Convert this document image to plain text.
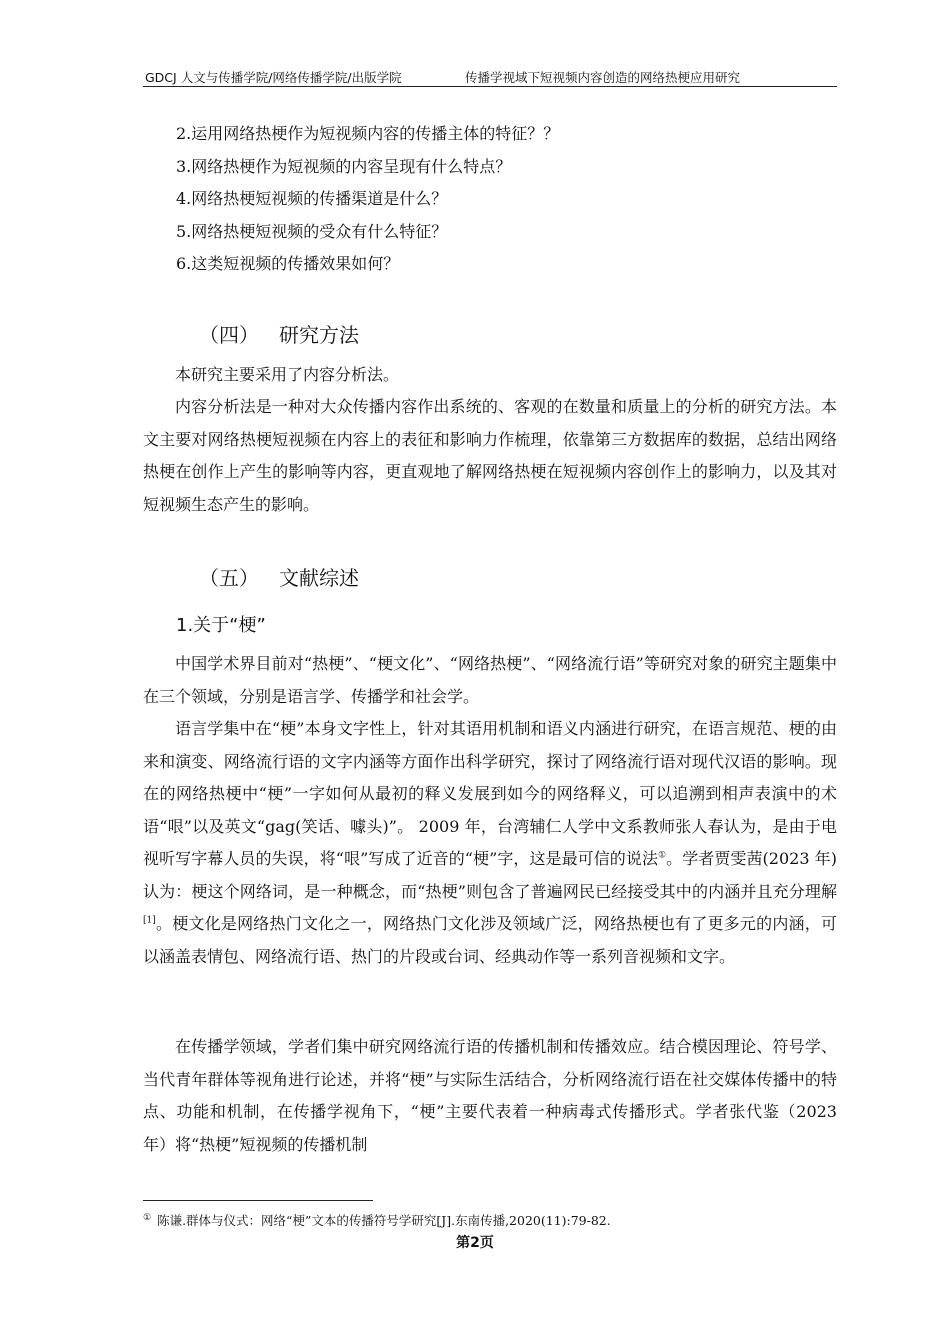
GDCJ 人文与传播学院/网络传播学院/出版学院	传播学视域下短视频内容创造的网络热梗应用研究
2.运用网络热梗作为短视频内容的传播主体的特征？？
3.网络热梗作为短视频的内容呈现有什么特点？
4.网络热梗短视频的传播渠道是什么？
5.网络热梗短视频的受众有什么特征？
6.这类短视频的传播效果如何？
（四） 研究方法

本研究主要采用了内容分析法。

内容分析法是一种对大众传播内容作出系统的、客观的在数量和质量上的分析的研究方法。本文主要对网络热梗短视频在内容上的表征和影响力作梳理，依靠第三方数据库的数据，总结出网络热梗在创作上产生的影响等内容，更直观地了解网络热梗在短视频内容创作上的影响力，以及其对短视频生态产生的影响。

（五） 文献综述
1.关于“梗”

中国学术界目前对“热梗”、“梗文化”、“网络热梗”、“网络流行语”等研究对象的研究主题集中在三个领域，分别是语言学、传播学和社会学。

语言学集中在“梗”本身文字性上，针对其语用机制和语义内涵进行研究，在语言规范、梗的由来和演变、网络流行语的文字内涵等方面作出科学研究，探讨了网络流行语对现代汉语的影响。现在的网络热梗中“梗”一字如何从最初的释义发展到如今的网络释义，可以追溯到相声表演中的术语“哏”以及英文“gag(笑话、噱头)”。 2009 年，台湾辅仁人学中文系教师张人春认为，是由于电视听写字幕人员的失误，将“哏”写成了近音的“梗”字，这是最可信的说法①。学者贾雯茜(2023 年)认为：梗这个网络词，是一种概念，而“热梗”则包含了普遍网民已经接受其中的内涵并且充分理解[1]。梗文化是网络热门文化之一，网络热门文化涉及领域广泛，网络热梗也有了更多元的内涵，可以涵盖表情包、网络流行语、热门的片段或台词、经典动作等一系列音视频和文字。

在传播学领域，学者们集中研究网络流行语的传播机制和传播效应。结合模因理论、符号学、当代青年群体等视角进行论述，并将“梗”与实际生活结合，分析网络流行语在社交媒体传播中的特点、功能和机制，在传播学视角下，“梗”主要代表着一种病毒式传播形式。学者张代鉴（2023 年）将“热梗”短视频的传播机制

① 陈谦.群体与仪式：网络“梗”文本的传播符号学研究[J].东南传播,2020(11):79-82.
第2页
